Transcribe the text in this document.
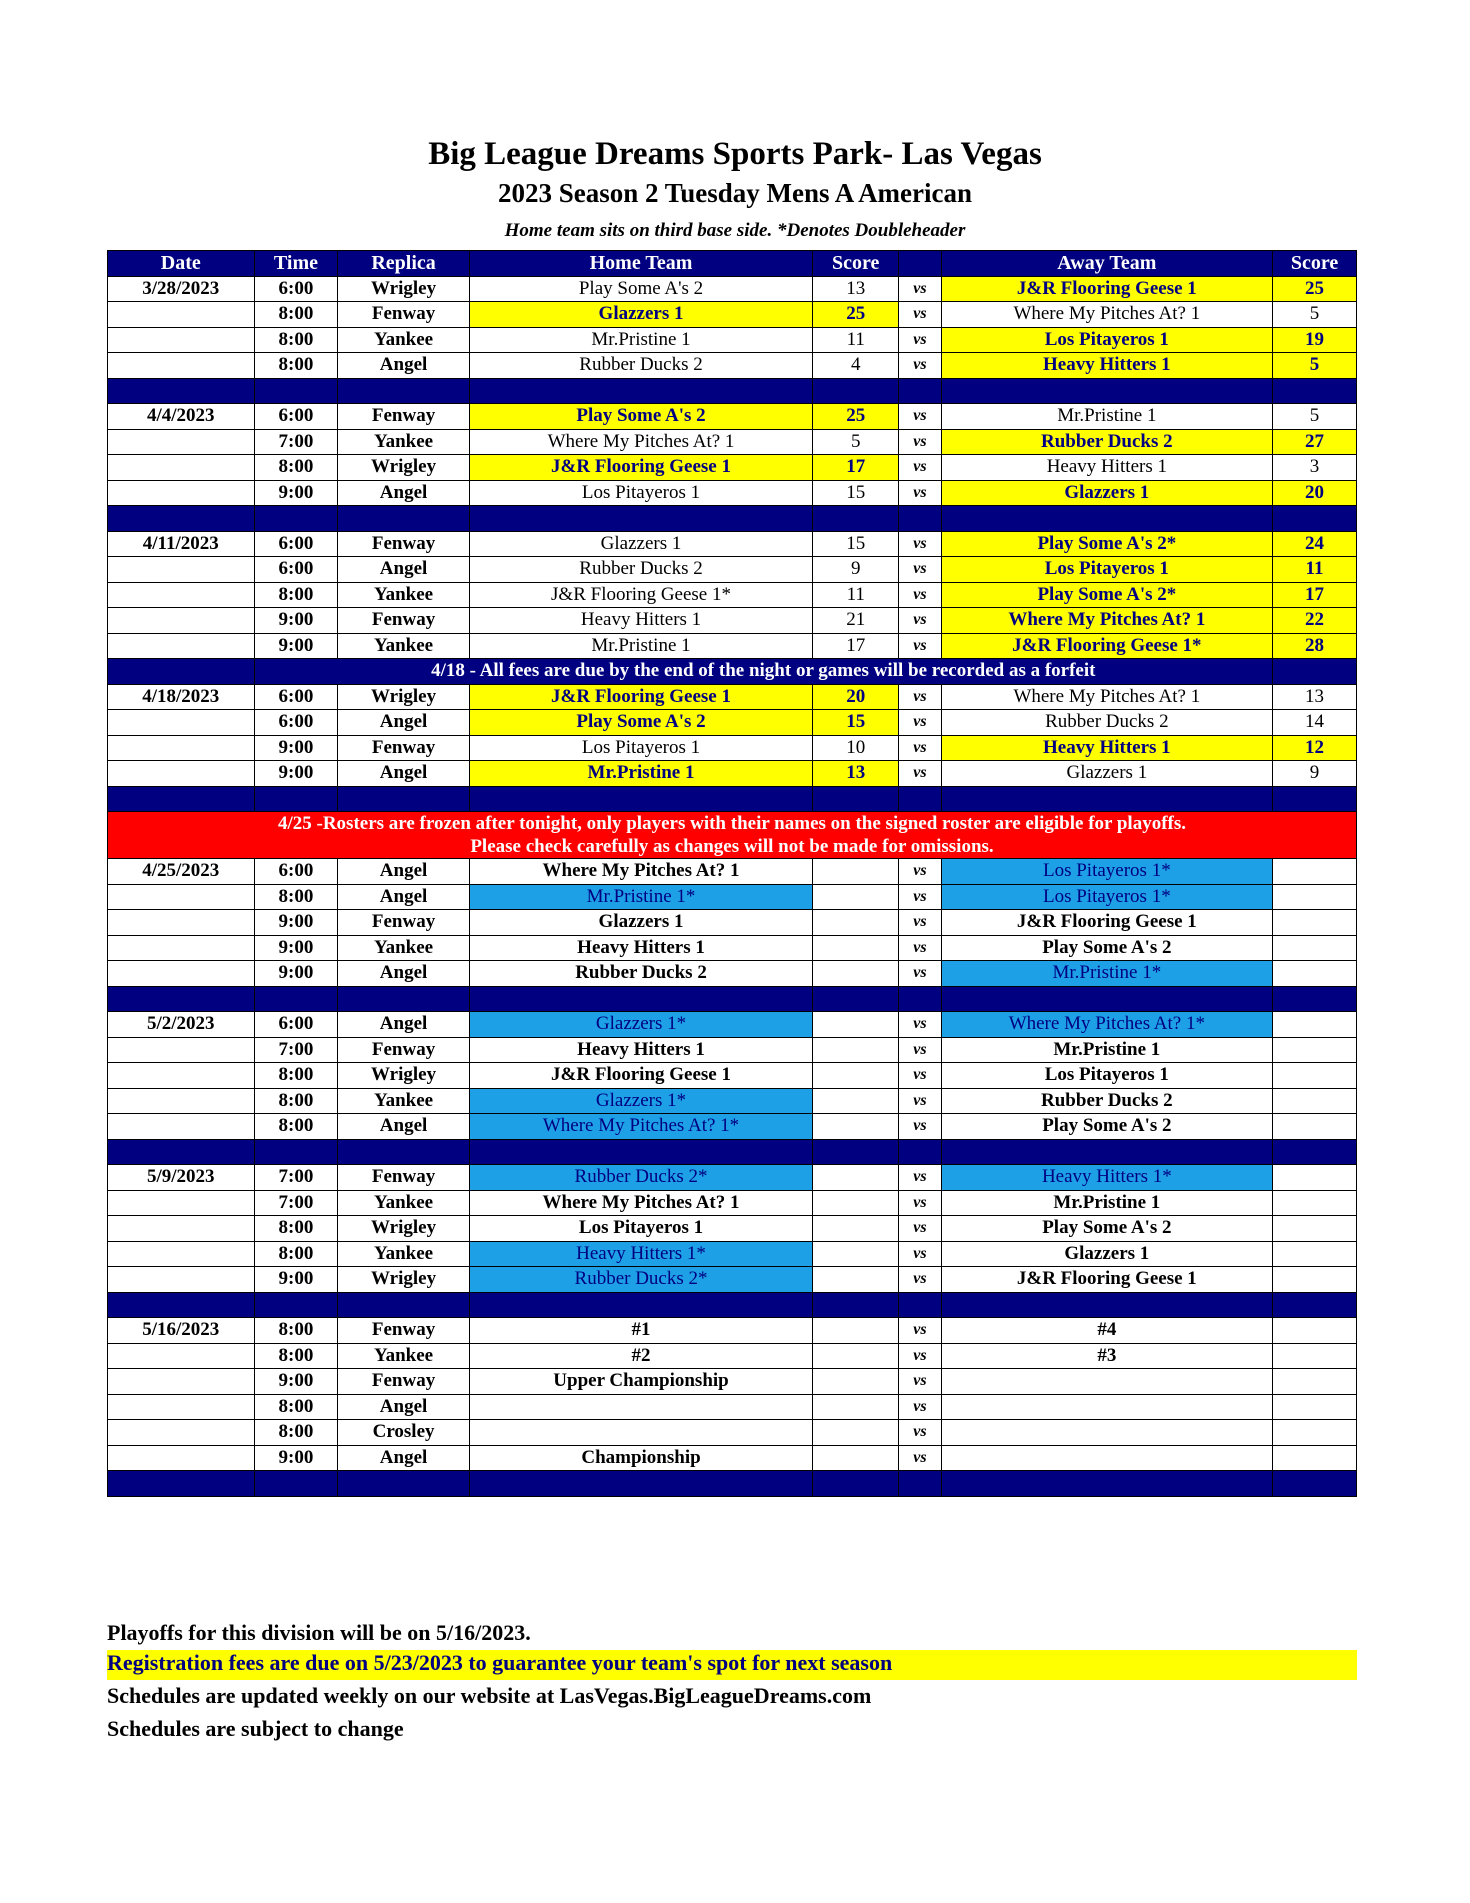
Big League Dreams Sports Park- Las Vegas
2023 Season 2 Tuesday Mens A American
Home team sits on third base side. *Denotes Doubleheader
Date	Time	Replica	Home Team	Score		Away Team	Score
3/28/2023	6:00	Wrigley	Play Some A's 2	13	vs	J&R Flooring Geese 1	25
	8:00	Fenway	Glazzers 1	25	vs	Where My Pitches At? 1	5
	8:00	Yankee	Mr.Pristine 1	11	vs	Los Pitayeros 1	19
	8:00	Angel	Rubber Ducks 2	4	vs	Heavy Hitters 1	5

4/4/2023	6:00	Fenway	Play Some A's 2	25	vs	Mr.Pristine 1	5
	7:00	Yankee	Where My Pitches At? 1	5	vs	Rubber Ducks 2	27
	8:00	Wrigley	J&R Flooring Geese 1	17	vs	Heavy Hitters 1	3
	9:00	Angel	Los Pitayeros 1	15	vs	Glazzers 1	20

4/11/2023	6:00	Fenway	Glazzers 1	15	vs	Play Some A's 2*	24
	6:00	Angel	Rubber Ducks 2	9	vs	Los Pitayeros 1	11
	8:00	Yankee	J&R Flooring Geese 1*	11	vs	Play Some A's 2*	17
	9:00	Fenway	Heavy Hitters 1	21	vs	Where My Pitches At? 1	22
	9:00	Yankee	Mr.Pristine 1	17	vs	J&R Flooring Geese 1*	28
	4/18 - All fees are due by the end of the night or games will be recorded as a forfeit						
4/18/2023	6:00	Wrigley	J&R Flooring Geese 1	20	vs	Where My Pitches At? 1	13
	6:00	Angel	Play Some A's 2	15	vs	Rubber Ducks 2	14
	9:00	Fenway	Los Pitayeros 1	10	vs	Heavy Hitters 1	12
	9:00	Angel	Mr.Pristine 1	13	vs	Glazzers 1	9

4/25 -Rosters are frozen after tonight, only players with their names on the signed roster are eligible for playoffs.
Please check carefully as changes will not be made for omissions.							

4/25/2023	6:00	Angel	Where My Pitches At? 1		vs	Los Pitayeros 1*	
	8:00	Angel	Mr.Pristine 1*		vs	Los Pitayeros 1*	
	9:00	Fenway	Glazzers 1		vs	J&R Flooring Geese 1	
	9:00	Yankee	Heavy Hitters 1		vs	Play Some A's 2	
	9:00	Angel	Rubber Ducks 2		vs	Mr.Pristine 1*	

5/2/2023	6:00	Angel	Glazzers 1*		vs	Where My Pitches At? 1*	
	7:00	Fenway	Heavy Hitters 1		vs	Mr.Pristine 1	
	8:00	Wrigley	J&R Flooring Geese 1		vs	Los Pitayeros 1	
	8:00	Yankee	Glazzers 1*		vs	Rubber Ducks 2	
	8:00	Angel	Where My Pitches At? 1*		vs	Play Some A's 2	

5/9/2023	7:00	Fenway	Rubber Ducks 2*		vs	Heavy Hitters 1*	
	7:00	Yankee	Where My Pitches At? 1		vs	Mr.Pristine 1	
	8:00	Wrigley	Los Pitayeros 1		vs	Play Some A's 2	
	8:00	Yankee	Heavy Hitters 1*		vs	Glazzers 1	
	9:00	Wrigley	Rubber Ducks 2*		vs	J&R Flooring Geese 1	

5/16/2023	8:00	Fenway	#1		vs	#4	
	8:00	Yankee	#2		vs	#3	
	9:00	Fenway	Upper Championship		vs		
	8:00	Angel			vs		
	8:00	Crosley			vs		
	9:00	Angel	Championship		vs		

Playoffs for this division will be on 5/16/2023.
Registration fees are due on 5/23/2023 to guarantee your team's spot for next season
Schedules are updated weekly on our website at LasVegas.BigLeagueDreams.com
Schedules are subject to change
